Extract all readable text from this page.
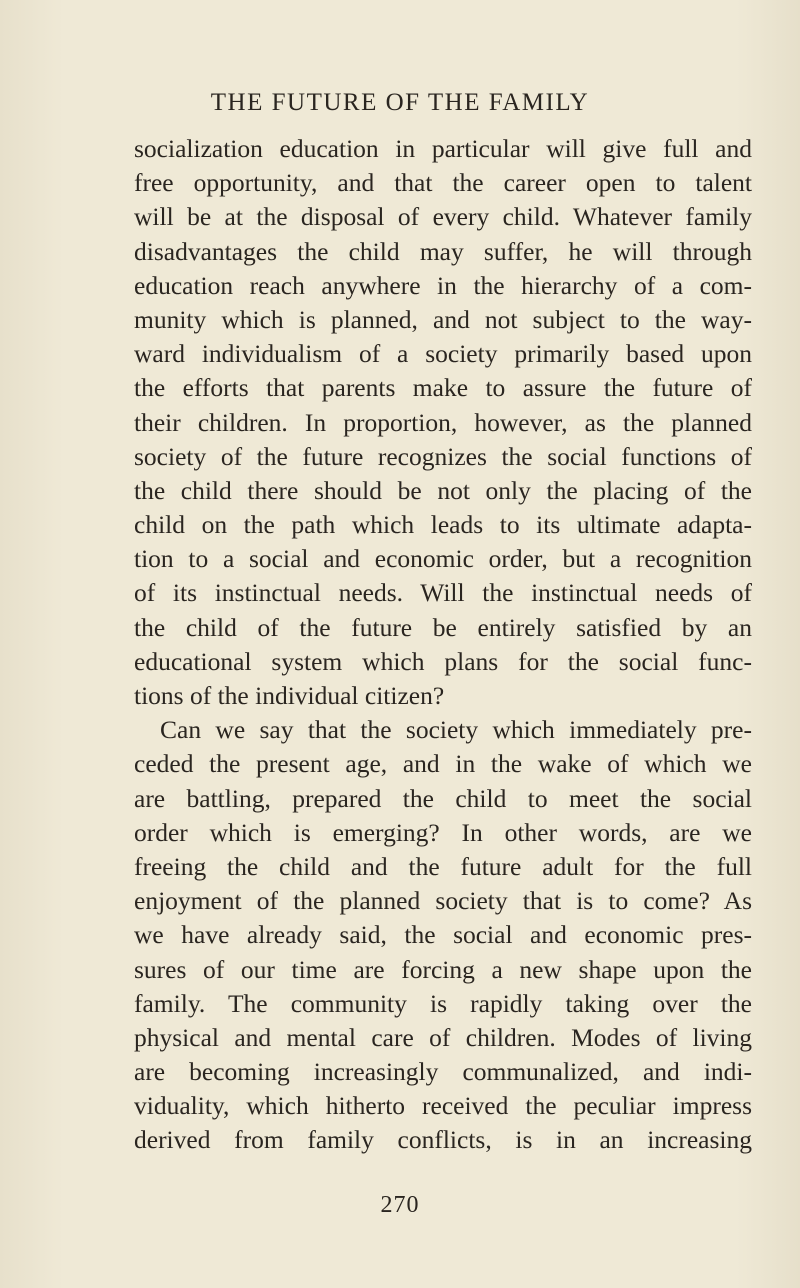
THE FUTURE OF THE FAMILY
socialization education in particular will give full and
free opportunity, and that the career open to talent
will be at the disposal of every child. Whatever family
disadvantages the child may suffer, he will through
education reach anywhere in the hierarchy of a com-
munity which is planned, and not subject to the way-
ward individualism of a society primarily based upon
the efforts that parents make to assure the future of
their children. In proportion, however, as the planned
society of the future recognizes the social functions of
the child there should be not only the placing of the
child on the path which leads to its ultimate adapta-
tion to a social and economic order, but a recognition
of its instinctual needs. Will the instinctual needs of
the child of the future be entirely satisfied by an
educational system which plans for the social func-
tions of the individual citizen?
Can we say that the society which immediately pre-
ceded the present age, and in the wake of which we
are battling, prepared the child to meet the social
order which is emerging? In other words, are we
freeing the child and the future adult for the full
enjoyment of the planned society that is to come? As
we have already said, the social and economic pres-
sures of our time are forcing a new shape upon the
family. The community is rapidly taking over the
physical and mental care of children. Modes of living
are becoming increasingly communalized, and indi-
viduality, which hitherto received the peculiar impress
derived from family conflicts, is in an increasing
270
